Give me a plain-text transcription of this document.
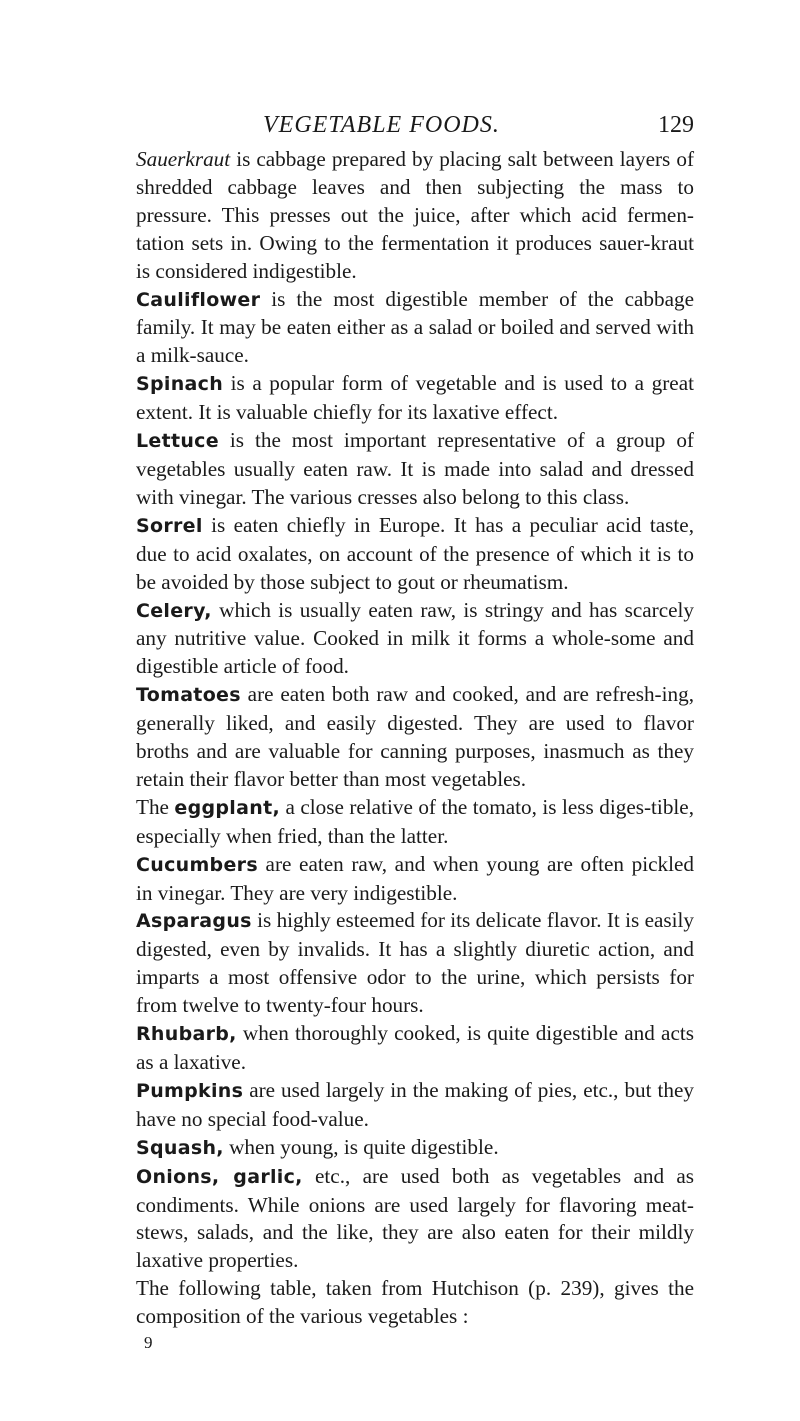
VEGETABLE FOODS.	129

Sauerkraut is cabbage prepared by placing salt between layers of shredded cabbage leaves and then subjecting the mass to pressure. This presses out the juice, after which acid fermen-tation sets in. Owing to the fermentation it produces sauer-kraut is considered indigestible.

Cauliflower is the most digestible member of the cabbage family. It may be eaten either as a salad or boiled and served with a milk-sauce.

Spinach is a popular form of vegetable and is used to a great extent. It is valuable chiefly for its laxative effect.

Lettuce is the most important representative of a group of vegetables usually eaten raw. It is made into salad and dressed with vinegar. The various cresses also belong to this class.

Sorrel is eaten chiefly in Europe. It has a peculiar acid taste, due to acid oxalates, on account of the presence of which it is to be avoided by those subject to gout or rheumatism.

Celery, which is usually eaten raw, is stringy and has scarcely any nutritive value. Cooked in milk it forms a whole-some and digestible article of food.

Tomatoes are eaten both raw and cooked, and are refresh-ing, generally liked, and easily digested. They are used to flavor broths and are valuable for canning purposes, inasmuch as they retain their flavor better than most vegetables.

The eggplant, a close relative of the tomato, is less diges-tible, especially when fried, than the latter.

Cucumbers are eaten raw, and when young are often pickled in vinegar. They are very indigestible.

Asparagus is highly esteemed for its delicate flavor. It is easily digested, even by invalids. It has a slightly diuretic action, and imparts a most offensive odor to the urine, which persists for from twelve to twenty-four hours.

Rhubarb, when thoroughly cooked, is quite digestible and acts as a laxative.

Pumpkins are used largely in the making of pies, etc., but they have no special food-value.

Squash, when young, is quite digestible.

Onions, garlic, etc., are used both as vegetables and as condiments. While onions are used largely for flavoring meat-stews, salads, and the like, they are also eaten for their mildly laxative properties.

The following table, taken from Hutchison (p. 239), gives the composition of the various vegetables :

9
